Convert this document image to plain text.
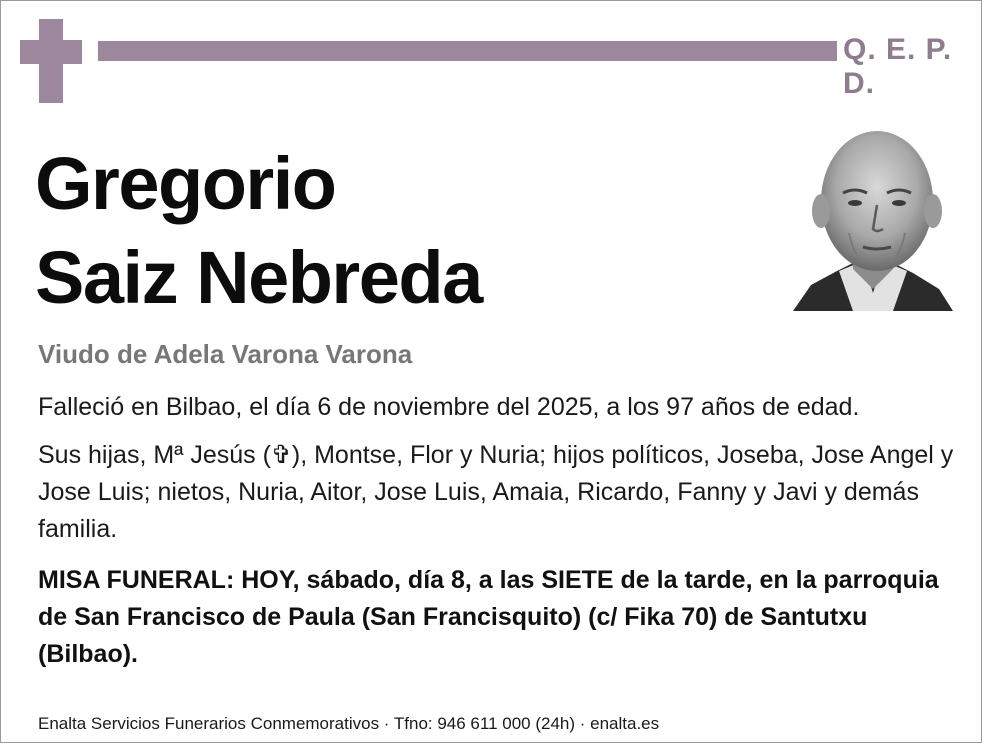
Q. E. P. D.
Gregorio
Saiz Nebreda
Viudo de Adela Varona Varona
Falleció en Bilbao, el día 6 de noviembre del 2025, a los 97 años de edad.
Sus hijas, Mª Jesús (✞), Montse, Flor y Nuria; hijos políticos, Joseba, Jose Angel y Jose Luis; nietos, Nuria, Aitor, Jose Luis, Amaia, Ricardo, Fanny y Javi y demás familia.
MISA FUNERAL: HOY, sábado, día 8, a las SIETE de la tarde, en la parroquia de San Francisco de Paula (San Francisquito) (c/ Fika 70) de Santutxu (Bilbao).
Enalta Servicios Funerarios Conmemorativos · Tfno: 946 611 000 (24h) · enalta.es
